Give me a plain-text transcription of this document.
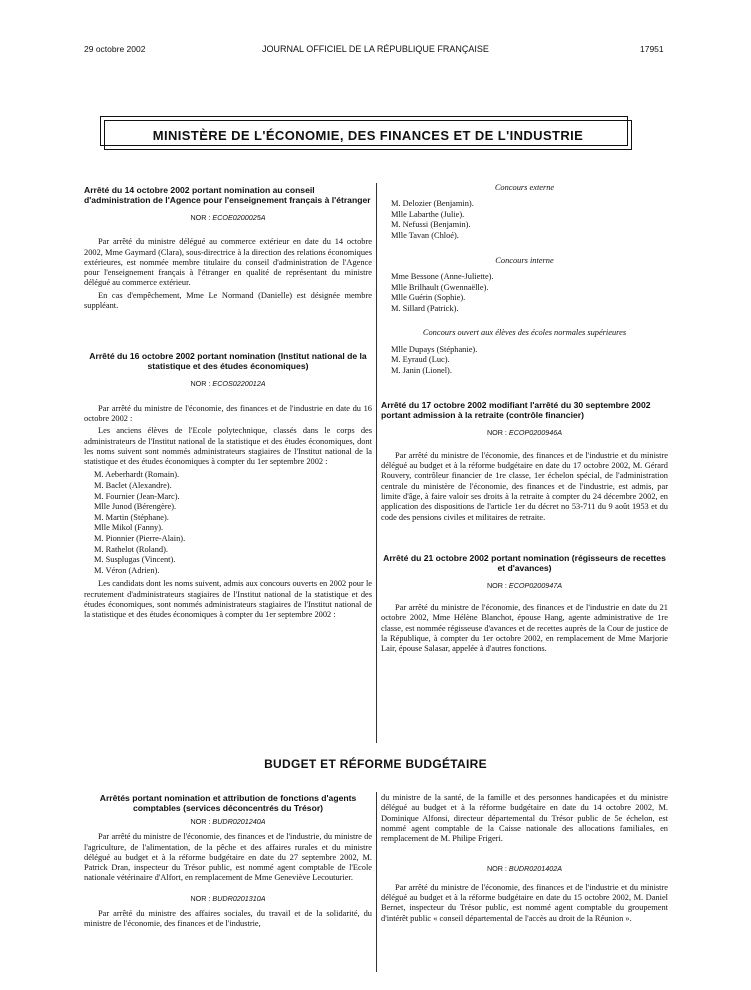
29 octobre 2002	JOURNAL OFFICIEL DE LA RÉPUBLIQUE FRANÇAISE	17951
MINISTÈRE DE L'ÉCONOMIE, DES FINANCES ET DE L'INDUSTRIE
Arrêté du 14 octobre 2002 portant nomination au conseil d'administration de l'Agence pour l'enseignement français à l'étranger
NOR : ECOE0200025A

Par arrêté du ministre délégué au commerce extérieur en date du 14 octobre 2002, Mme Gaymard (Clara), sous-directrice à la direction des relations économiques extérieures, est nommée membre titulaire du conseil d'administration de l'Agence pour l'enseignement français à l'étranger en qualité de représentant du ministre délégué au commerce extérieur.

En cas d'empêchement, Mme Le Normand (Danielle) est désignée membre suppléant.

Arrêté du 16 octobre 2002 portant nomination (Institut national de la statistique et des études économiques)
NOR : ECOS0220012A

Par arrêté du ministre de l'économie, des finances et de l'industrie en date du 16 octobre 2002 :

Les anciens élèves de l'Ecole polytechnique, classés dans le corps des administrateurs de l'Institut national de la statistique et des études économiques, dont les noms suivent sont nommés administrateurs stagiaires de l'Institut national de la statistique et des études économiques à compter du 1er septembre 2002 :

M. Aeberhardt (Romain).
M. Baclet (Alexandre).
M. Fournier (Jean-Marc).
Mlle Junod (Bérengère).
M. Martin (Stéphane).
Mlle Mikol (Fanny).
M. Pionnier (Pierre-Alain).
M. Rathelot (Roland).
M. Susplugas (Vincent).
M. Véron (Adrien).

Les candidats dont les noms suivent, admis aux concours ouverts en 2002 pour le recrutement d'administrateurs stagiaires de l'Institut national de la statistique et des études économiques, sont nommés administrateurs stagiaires de l'Institut national de la statistique et des études économiques à compter du 1er septembre 2002 :

Concours externe
M. Delozier (Benjamin).
Mlle Labarthe (Julie).
M. Nefussi (Benjamin).
Mlle Tavan (Chloé).
Concours interne
Mme Bessone (Anne-Juliette).
Mlle Brilhault (Gwennaëlle).
Mlle Guérin (Sophie).
M. Sillard (Patrick).
Concours ouvert aux élèves des écoles normales supérieures
Mlle Dupays (Stéphanie).
M. Eyraud (Luc).
M. Janin (Lionel).
Arrêté du 17 octobre 2002 modifiant l'arrêté du 30 septembre 2002 portant admission à la retraite (contrôle financier)
NOR : ECOP0200946A

Par arrêté du ministre de l'économie, des finances et de l'industrie et du ministre délégué au budget et à la réforme budgétaire en date du 17 octobre 2002, M. Gérard Rouvery, contrôleur financier de 1re classe, 1er échelon spécial, de l'administration centrale du ministère de l'économie, des finances et de l'industrie, est admis, par limite d'âge, à faire valoir ses droits à la retraite à compter du 24 décembre 2002, en application des dispositions de l'article 1er du décret no 53-711 du 9 août 1953 et du code des pensions civiles et militaires de retraite.

Arrêté du 21 octobre 2002 portant nomination (régisseurs de recettes et d'avances)
NOR : ECOP0200947A

Par arrêté du ministre de l'économie, des finances et de l'industrie en date du 21 octobre 2002, Mme Hélène Blanchot, épouse Hang, agente administrative de 1re classe, est nommée régisseuse d'avances et de recettes auprès de la Cour de justice de la République, à compter du 1er octobre 2002, en remplacement de Mme Marjorie Lair, épouse Salasar, appelée à d'autres fonctions.

BUDGET ET RÉFORME BUDGÉTAIRE
Arrêtés portant nomination et attribution de fonctions d'agents comptables (services déconcentrés du Trésor)
NOR : BUDR0201240A

Par arrêté du ministre de l'économie, des finances et de l'industrie, du ministre de l'agriculture, de l'alimentation, de la pêche et des affaires rurales et du ministre délégué au budget et à la réforme budgétaire en date du 27 septembre 2002, M. Patrick Dran, inspecteur du Trésor public, est nommé agent comptable de l'Ecole nationale vétérinaire d'Alfort, en remplacement de Mme Geneviève Lecouturier.

NOR : BUDR0201310A

Par arrêté du ministre des affaires sociales, du travail et de la solidarité, du ministre de l'économie, des finances et de l'industrie,

du ministre de la santé, de la famille et des personnes handicapées et du ministre délégué au budget et à la réforme budgétaire en date du 14 octobre 2002, M. Dominique Alfonsi, directeur départemental du Trésor public de 5e échelon, est nommé agent comptable de la Caisse nationale des allocations familiales, en remplacement de M. Philipe Frigeri.

NOR : BUDR0201402A

Par arrêté du ministre de l'économie, des finances et de l'industrie et du ministre délégué au budget et à la réforme budgétaire en date du 15 octobre 2002, M. Daniel Bernet, inspecteur du Trésor public, est nommé agent comptable du groupement d'intérêt public « conseil départemental de l'accès au droit de la Réunion ».
